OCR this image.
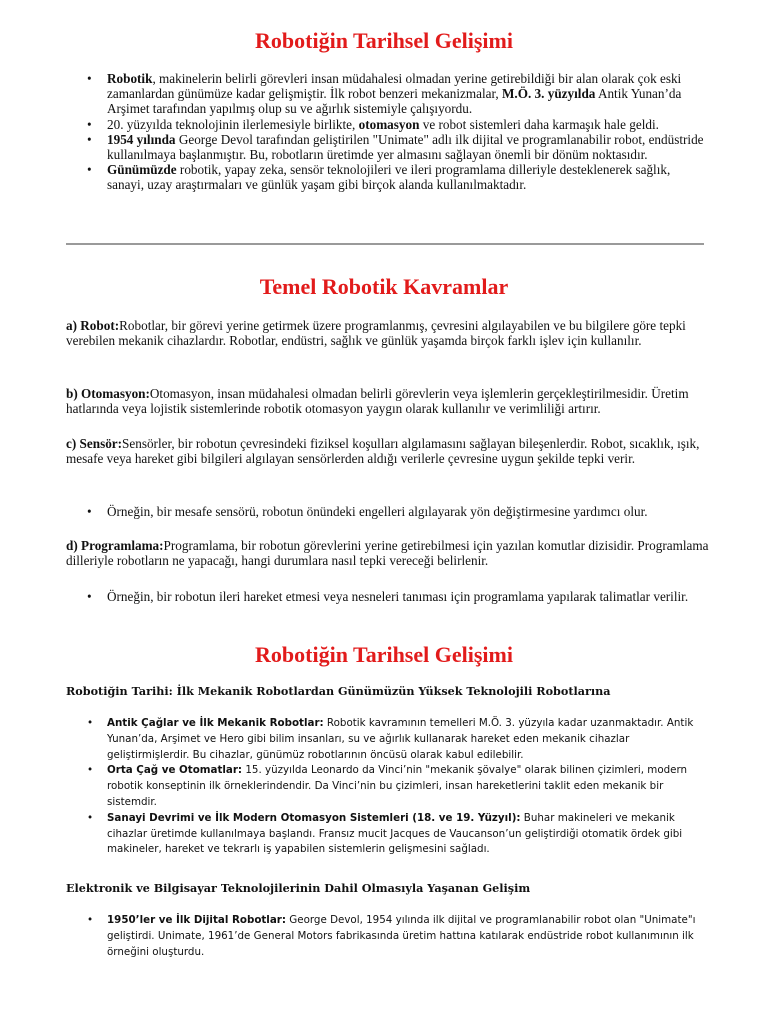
Robotiğin Tarihsel Gelişimi
• Robotik, makinelerin belirli görevleri insan müdahalesi olmadan yerine getirebildiği bir alan olarak çok eski zamanlardan günümüze kadar gelişmiştir. İlk robot benzeri mekanizmalar, M.Ö. 3. yüzyılda Antik Yunan’da Arşimet tarafından yapılmış olup su ve ağırlık sistemiyle çalışıyordu.
• 20. yüzyılda teknolojinin ilerlemesiyle birlikte, otomasyon ve robot sistemleri daha karmaşık hale geldi.
• 1954 yılında George Devol tarafından geliştirilen "Unimate" adlı ilk dijital ve programlanabilir robot, endüstride kullanılmaya başlanmıştır. Bu, robotların üretimde yer almasını sağlayan önemli bir dönüm noktasıdır.
• Günümüzde robotik, yapay zeka, sensör teknolojileri ve ileri programlama dilleriyle desteklenerek sağlık, sanayi, uzay araştırmaları ve günlük yaşam gibi birçok alanda kullanılmaktadır.
Temel Robotik Kavramlar

a) Robot:Robotlar, bir görevi yerine getirmek üzere programlanmış, çevresini algılayabilen ve bu bilgilere göre tepki verebilen mekanik cihazlardır. Robotlar, endüstri, sağlık ve günlük yaşamda birçok farklı işlev için kullanılır.

b) Otomasyon:Otomasyon, insan müdahalesi olmadan belirli görevlerin veya işlemlerin gerçekleştirilmesidir. Üretim hatlarında veya lojistik sistemlerinde robotik otomasyon yaygın olarak kullanılır ve verimliliği artırır.

c) Sensör:Sensörler, bir robotun çevresindeki fiziksel koşulları algılamasını sağlayan bileşenlerdir. Robot, sıcaklık, ışık, mesafe veya hareket gibi bilgileri algılayan sensörlerden aldığı verilerle çevresine uygun şekilde tepki verir.

• Örneğin, bir mesafe sensörü, robotun önündeki engelleri algılayarak yön değiştirmesine yardımcı olur.

d) Programlama:Programlama, bir robotun görevlerini yerine getirebilmesi için yazılan komutlar dizisidir. Programlama dilleriyle robotların ne yapacağı, hangi durumlara nasıl tepki vereceği belirlenir.

• Örneğin, bir robotun ileri hareket etmesi veya nesneleri tanıması için programlama yapılarak talimatlar verilir.
Robotiğin Tarihsel Gelişimi
Robotiğin Tarihi: İlk Mekanik Robotlardan Günümüzün Yüksek Teknolojili Robotlarına
• Antik Çağlar ve İlk Mekanik Robotlar: Robotik kavramının temelleri M.Ö. 3. yüzyıla kadar uzanmaktadır. Antik Yunan’da, Arşimet ve Hero gibi bilim insanları, su ve ağırlık kullanarak hareket eden mekanik cihazlar geliştirmişlerdir. Bu cihazlar, günümüz robotlarının öncüsü olarak kabul edilebilir.
• Orta Çağ ve Otomatlar: 15. yüzyılda Leonardo da Vinci’nin "mekanik şövalye" olarak bilinen çizimleri, modern robotik konseptinin ilk örneklerindendir. Da Vinci’nin bu çizimleri, insan hareketlerini taklit eden mekanik bir sistemdir.
• Sanayi Devrimi ve İlk Modern Otomasyon Sistemleri (18. ve 19. Yüzyıl): Buhar makineleri ve mekanik cihazlar üretimde kullanılmaya başlandı. Fransız mucit Jacques de Vaucanson’un geliştirdiği otomatik ördek gibi makineler, hareket ve tekrarlı iş yapabilen sistemlerin gelişmesini sağladı.
Elektronik ve Bilgisayar Teknolojilerinin Dahil Olmasıyla Yaşanan Gelişim
• 1950’ler ve İlk Dijital Robotlar: George Devol, 1954 yılında ilk dijital ve programlanabilir robot olan "Unimate"ı geliştirdi. Unimate, 1961’de General Motors fabrikasında üretim hattına katılarak endüstride robot kullanımının ilk örneğini oluşturdu.
